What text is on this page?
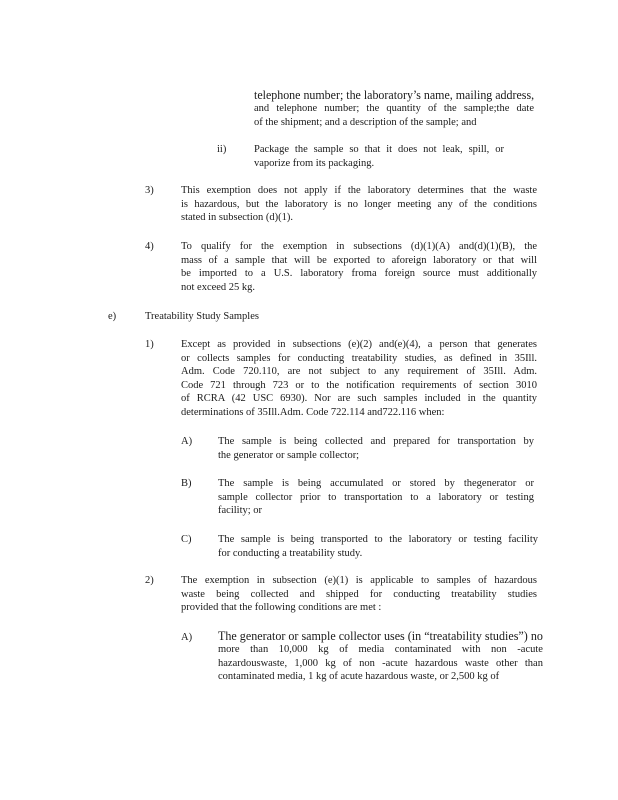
telephone number; the laboratory’s name, mailing address,
and telephone number; the quantity of the sample;the date
of the shipment; and a description of the sample; and
ii)	Package the sample so that it does not leak, spill, or
vaporize from its packaging.
3)	This exemption does not apply if the laboratory determines that the waste
is hazardous, but the laboratory is no longer meeting any of the conditions
stated in subsection (d)(1).
4)	To qualify for the exemption in subsections (d)(1)(A) and(d)(1)(B), the
mass of a sample that will be exported to aforeign laboratory or that will
be imported to a U.S. laboratory froma foreign source must additionally
not exceed 25 kg.
e)	Treatability Study Samples
1)	Except as provided in subsections (e)(2) and(e)(4), a person that generates
or collects samples for conducting treatability studies, as defined in 35Ill.
Adm. Code 720.110, are not subject to any requirement of 35Ill. Adm.
Code 721 through 723 or to the notification requirements of section 3010
of RCRA (42 USC 6930). Nor are such samples included in the quantity
determinations of 35Ill.Adm. Code 722.114 and722.116 when:
A) The sample is being collected and prepared for transportation by
the generator or sample collector;
B)	The sample is being accumulated or stored by thegenerator or
sample collector prior to transportation to a laboratory or testing
facility; or
C)	The sample is being transported to the laboratory or testing facility
for conducting a treatability study.
2)	The exemption in subsection (e)(1) is applicable to samples of hazardous
waste being collected and shipped for conducting treatability studies
provided that the following conditions are met :
A) The generator or sample collector uses (in “treatability studies”) no
more than 10,000 kg of media contaminated with non -acute
hazardouswaste, 1,000 kg of non -acute hazardous waste other than
contaminated media, 1 kg of acute hazardous waste, or 2,500 kg of
